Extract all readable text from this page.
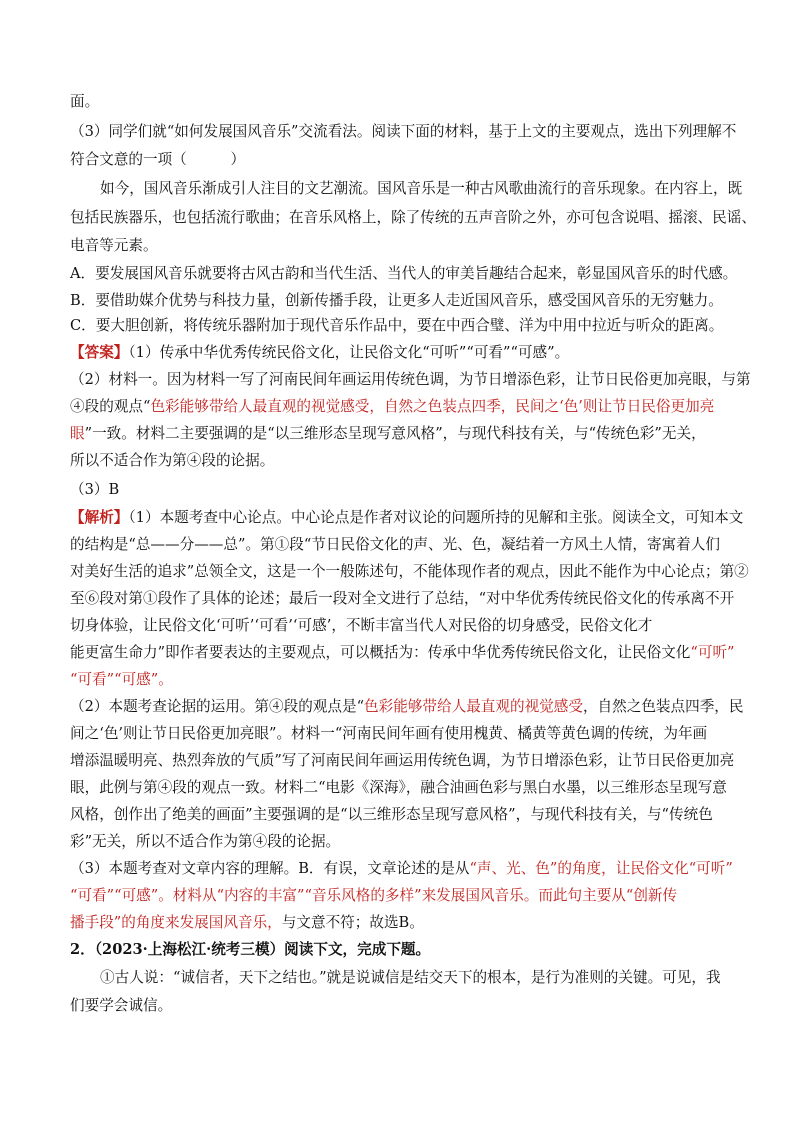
面。
（3）同学们就“如何发展国风音乐”交流看法。阅读下面的材料，基于上文的主要观点，选出下列理解不
符合文意的一项（　　　）
如今，国风音乐渐成引人注目的文艺潮流。国风音乐是一种古风歌曲流行的音乐现象。在内容上，既
包括民族器乐，也包括流行歌曲；在音乐风格上，除了传统的五声音阶之外，亦可包含说唱、摇滚、民谣、
电音等元素。
A．要发展国风音乐就要将古风古韵和当代生活、当代人的审美旨趣结合起来，彰显国风音乐的时代感。
B．要借助媒介优势与科技力量，创新传播手段，让更多人走近国风音乐，感受国风音乐的无穷魅力。
C．要大胆创新，将传统乐器附加于现代音乐作品中，要在中西合璧、洋为中用中拉近与听众的距离。
【答案】（1）传承中华优秀传统民俗文化，让民俗文化“可听”“可看”“可感”。
（2）材料一。因为材料一写了河南民间年画运用传统色调，为节日增添色彩，让节日民俗更加亮眼，与第
④段的观点“色彩能够带给人最直观的视觉感受，自然之色装点四季，民间之‘色’则让节日民俗更加亮
眼”一致。材料二主要强调的是“以三维形态呈现写意风格”，与现代科技有关，与“传统色彩”无关，
所以不适合作为第④段的论据。
（3）B
【解析】（1）本题考查中心论点。中心论点是作者对议论的问题所持的见解和主张。阅读全文，可知本文
的结构是“总——分——总”。第①段“节日民俗文化的声、光、色，凝结着一方风土人情，寄寓着人们
对美好生活的追求”总领全文，这是一个一般陈述句，不能体现作者的观点，因此不能作为中心论点；第②
至⑥段对第①段作了具体的论述；最后一段对全文进行了总结，“对中华优秀传统民俗文化的传承离不开
切身体验，让民俗文化‘可听’‘可看’‘可感’，不断丰富当代人对民俗的切身感受，民俗文化才
能更富生命力”即作者要表达的主要观点，可以概括为：传承中华优秀传统民俗文化，让民俗文化“可听”
“可看”“可感”。
（2）本题考查论据的运用。第④段的观点是“色彩能够带给人最直观的视觉感受，自然之色装点四季，民
间之‘色’则让节日民俗更加亮眼”。材料一“河南民间年画有使用槐黄、橘黄等黄色调的传统，为年画
增添温暖明亮、热烈奔放的气质”写了河南民间年画运用传统色调，为节日增添色彩，让节日民俗更加亮
眼，此例与第④段的观点一致。材料二“电影《深海》，融合油画色彩与黑白水墨，以三维形态呈现写意
风格，创作出了绝美的画面”主要强调的是“以三维形态呈现写意风格”，与现代科技有关，与“传统色
彩”无关，所以不适合作为第④段的论据。
（3）本题考查对文章内容的理解。B．有误，文章论述的是从“声、光、色”的角度，让民俗文化“可听”
“可看”“可感”。材料从“内容的丰富”“音乐风格的多样”来发展国风音乐。而此句主要从“创新传
播手段”的角度来发展国风音乐，与文意不符；故选B。
2．（2023·上海松江·统考三模）阅读下文，完成下题。
①古人说：“诚信者，天下之结也。”就是说诚信是结交天下的根本，是行为准则的关键。可见，我
们要学会诚信。
